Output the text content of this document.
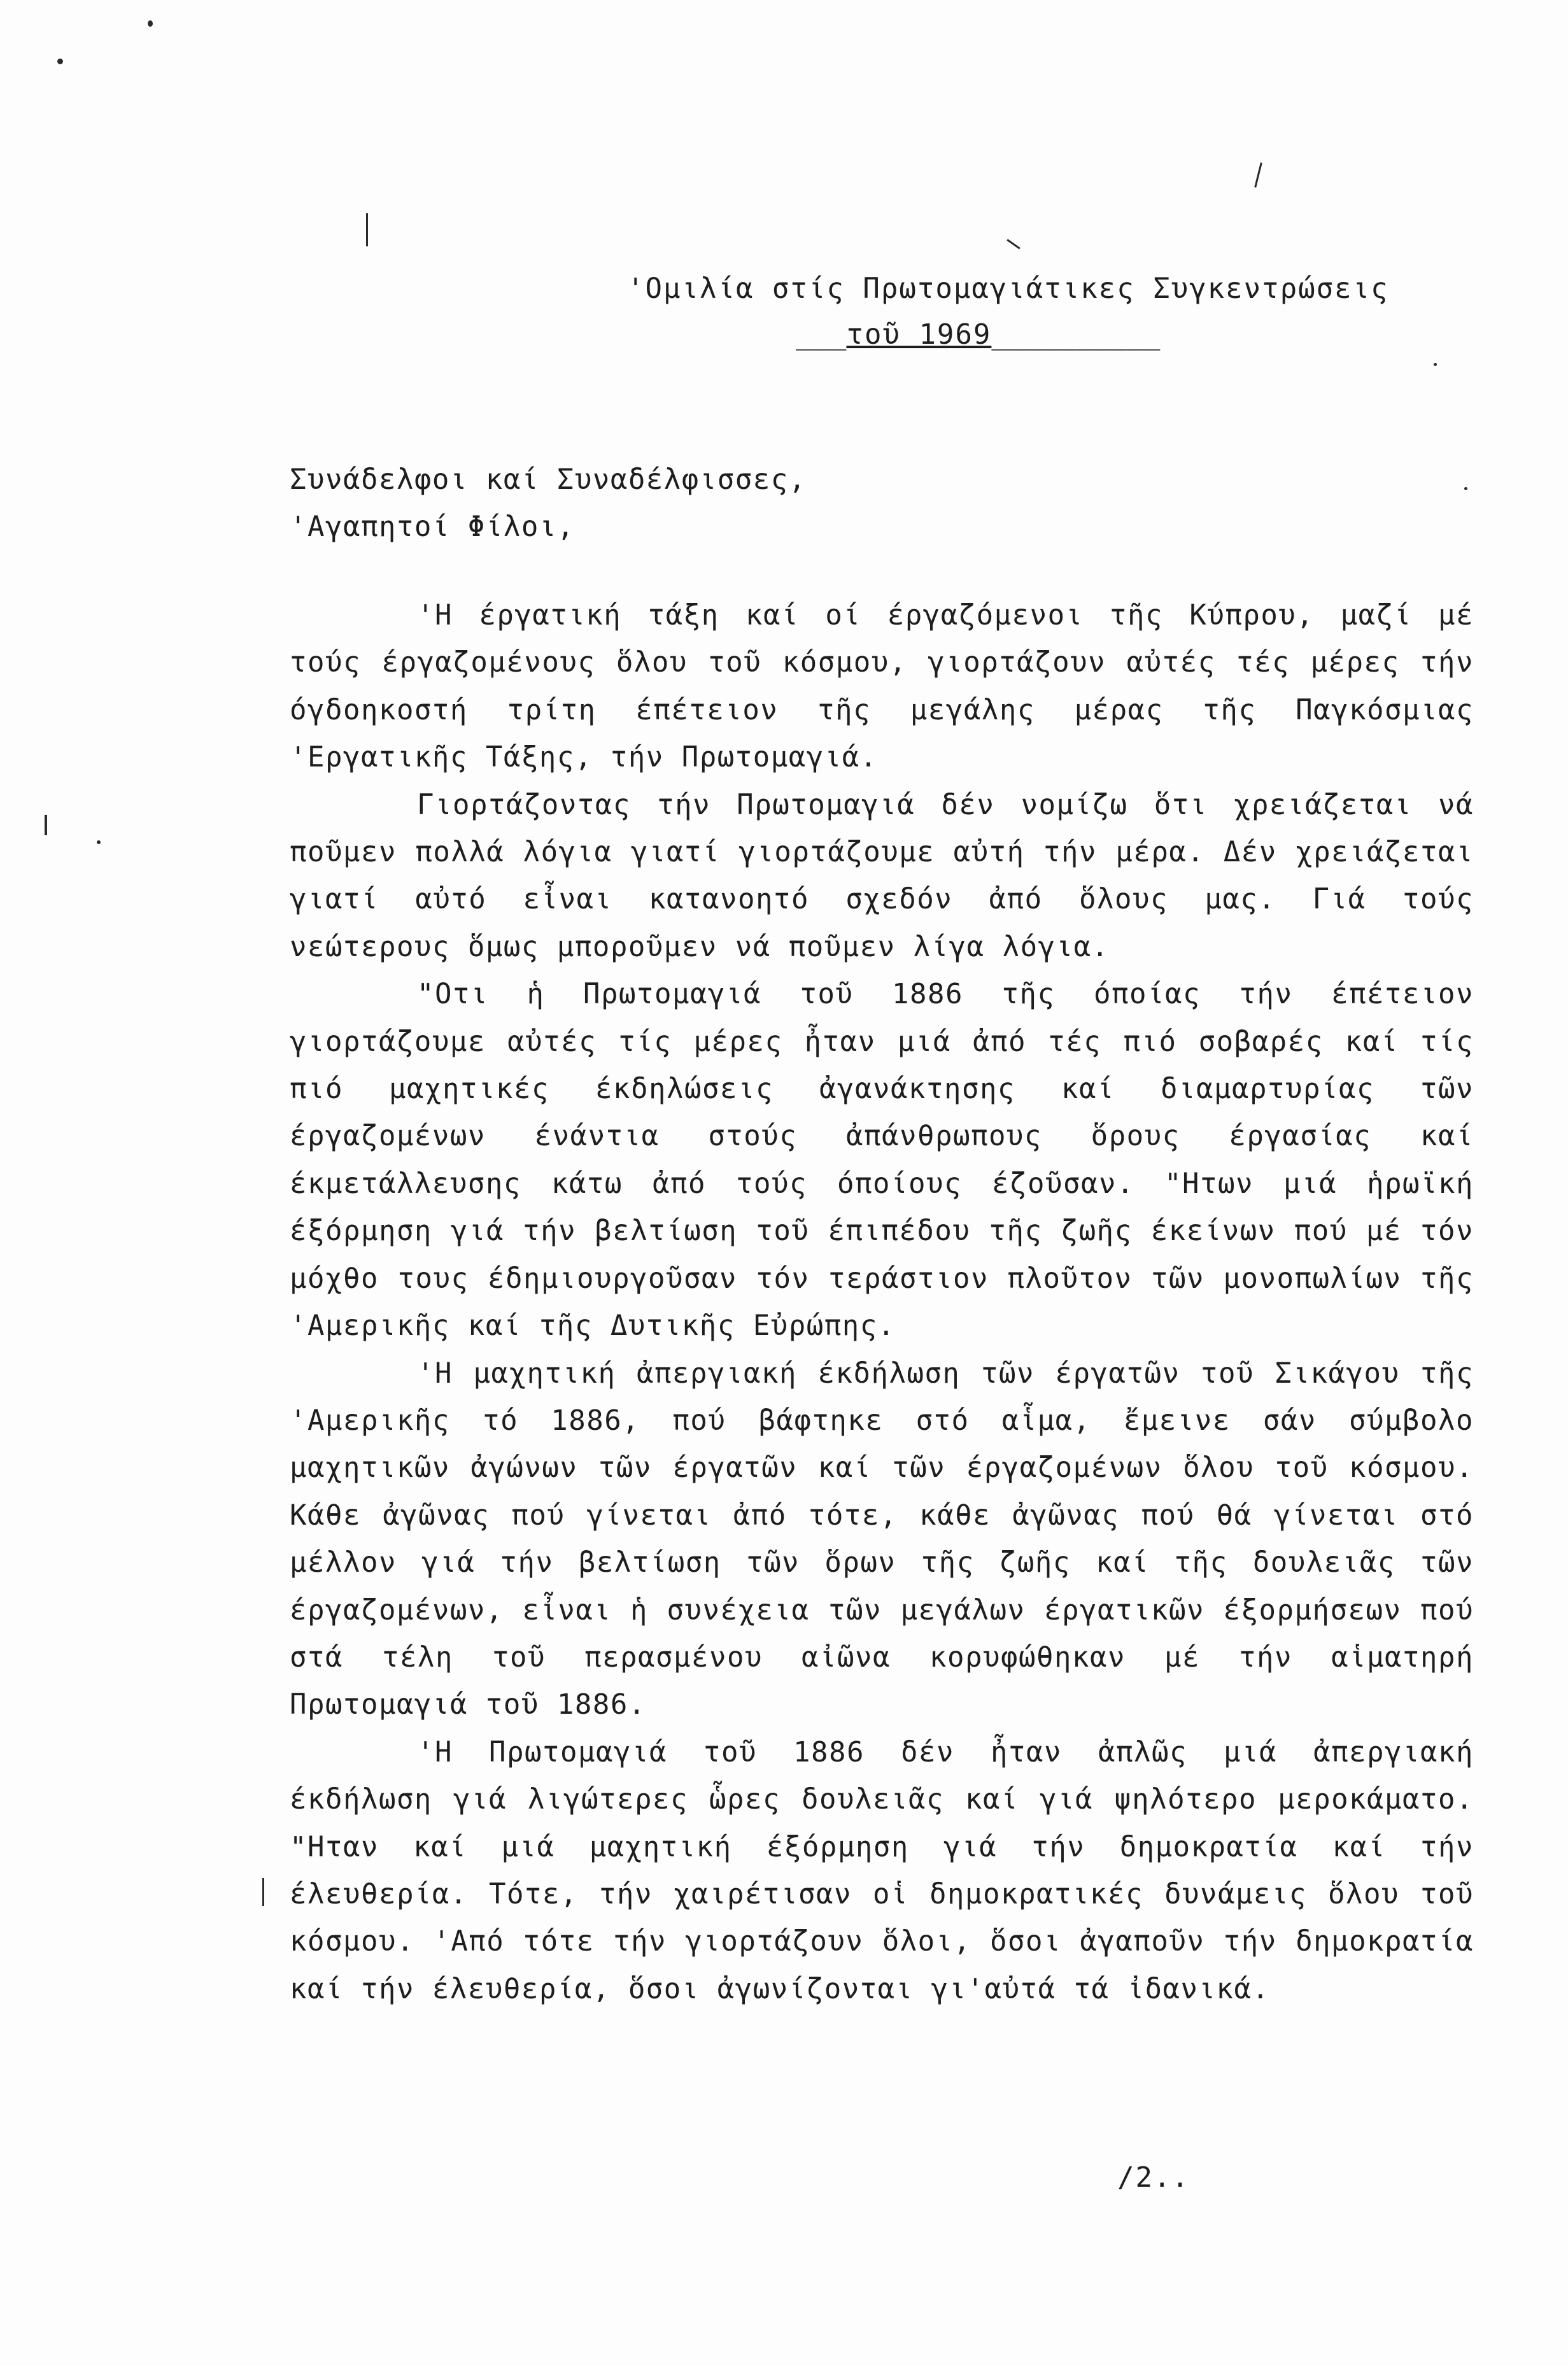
'Ομιλία στίς Πρωτομαγιάτικες Συγκεντρώσεις
___τοῦ 1969__________
Συνάδελφοι καί Συναδέλφισσες,
'Αγαπητοί Φίλοι,

'Η έργατική τάξη καί οί έργαζόμενοι τῆς Κύπρου, μαζί μέ τούς έργαζομένους ὅλου τοῦ κόσμου, γιορτάζουν αὐτές τές μέρες τήν όγδοηκοστή τρίτη έπέτειον τῆς μεγάλης μέρας τῆς Παγκόσμιας 'Εργατικῆς Τάξης, τήν Πρωτομαγιά.

Γιορτάζοντας τήν Πρωτομαγιά δέν νομίζω ὅτι χρειάζεται νά ποῦμεν πολλά λόγια γιατί γιορτάζουμε αὐτή τήν μέρα. Δέν χρειάζεται γιατί αὐτό εἶναι κατανοητό σχεδόν ἀπό ὅλους μας. Γιά τούς νεώτερους ὅμως μποροῦμεν νά ποῦμεν λίγα λόγια.

"Οτι ἡ Πρωτομαγιά τοῦ 1886 τῆς όποίας τήν έπέτειον γιορτάζουμε αὐτές τίς μέρες ἦταν μιά ἀπό τές πιό σοβαρές καί τίς πιό μαχητικές έκδηλώσεις ἀγανάκτησης καί διαμαρτυρίας τῶν έργαζομένων ένάντια στούς ἀπάνθρωπους ὅρους έργασίας καί έκμετάλλευσης κάτω ἀπό τούς όποίους έζοῦσαν. "Ητων μιά ἡρωϊκή έξόρμηση γιά τήν βελτίωση τοῦ έπιπέδου τῆς ζωῆς έκείνων πού μέ τόν μόχθο τους έδημιουργοῦσαν τόν τεράστιον πλοῦτον τῶν μονοπωλίων τῆς 'Αμερικῆς καί τῆς Δυτικῆς Εὐρώπης.

'Η μαχητική ἀπεργιακή έκδήλωση τῶν έργατῶν τοῦ Σικάγου τῆς 'Αμερικῆς τό 1886, πού βάφτηκε στό αἷμα, ἔμεινε σάν σύμβολο μαχητικῶν ἀγώνων τῶν έργατῶν καί τῶν έργαζομένων ὅλου τοῦ κόσμου. Κάθε ἀγῶνας πού γίνεται ἀπό τότε, κάθε ἀγῶνας πού θά γίνεται στό μέλλον γιά τήν βελτίωση τῶν ὅρων τῆς ζωῆς καί τῆς δουλειᾶς τῶν έργαζομένων, εἶναι ἡ συνέχεια τῶν μεγάλων έργατικῶν έξορμήσεων πού στά τέλη τοῦ περασμένου αἰῶνα κορυφώθηκαν μέ τήν αἱματηρή Πρωτομαγιά τοῦ 1886.

'Η Πρωτομαγιά τοῦ 1886 δέν ἦταν ἀπλῶς μιά ἀπεργιακή έκδήλωση γιά λιγώτερες ὧρες δουλειᾶς καί γιά ψηλότερο μεροκάματο. "Ηταν καί μιά μαχητική έξόρμηση γιά τήν δημοκρατία καί τήν έλευθερία. Τότε, τήν χαιρέτισαν οἱ δημοκρατικές δυνάμεις ὅλου τοῦ κόσμου. 'Από τότε τήν γιορτάζουν ὅλοι, ὅσοι ἀγαποῦν τήν δημοκρατία καί τήν έλευθερία, ὅσοι ἀγωνίζονται γι'αὐτά τά ἰδανικά.

/2..
